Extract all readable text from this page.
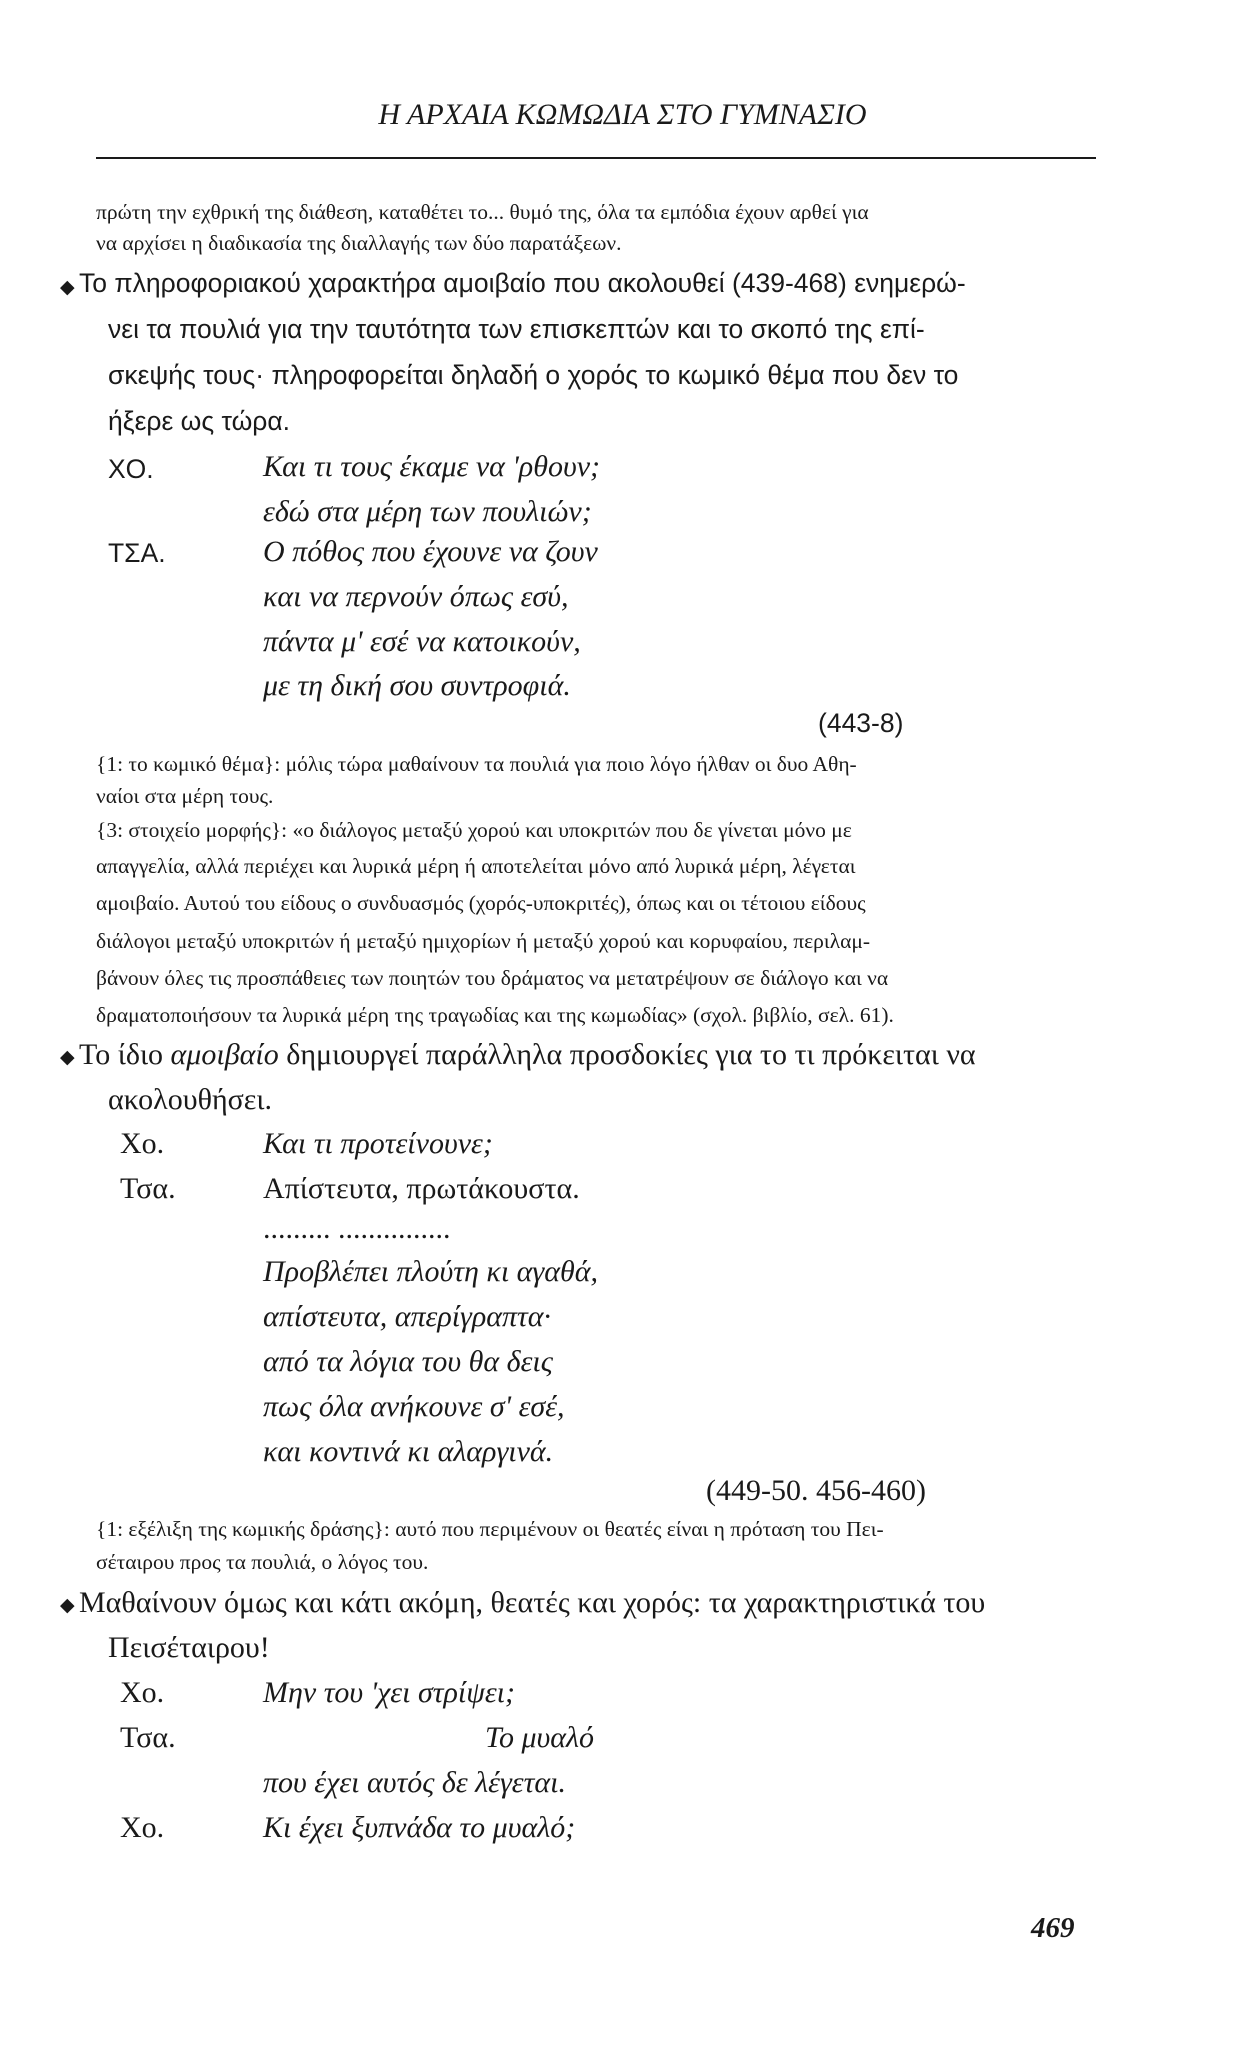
Η ΑΡΧΑΙΑ ΚΩΜΩΔΙΑ ΣΤΟ ΓΥΜΝΑΣΙΟ
πρώτη την εχθρική της διάθεση, καταθέτει το... θυμό της, όλα τα εμπόδια έχουν αρθεί για
να αρχίσει η διαδικασία της διαλλαγής των δύο παρατάξεων.
◆ Το πληροφοριακού χαρακτήρα αμοιβαίο που ακολουθεί (439-468) ενημερώ-
νει τα πουλιά για την ταυτότητα των επισκεπτών και το σκοπό της επί-
σκεψής τους· πληροφορείται δηλαδή ο χορός το κωμικό θέμα που δεν το
ήξερε ως τώρα.
ΧΟ.	Και τι τους έκαμε να 'ρθουν;
εδώ στα μέρη των πουλιών;
ΤΣΑ.	Ο πόθος που έχουνε να ζουν
και να περνούν όπως εσύ,
πάντα μ' εσέ να κατοικούν,
με τη δική σου συντροφιά.
(443-8)
{1: το κωμικό θέμα}: μόλις τώρα μαθαίνουν τα πουλιά για ποιο λόγο ήλθαν οι δυο Αθη-
ναίοι στα μέρη τους.
{3: στοιχείο μορφής}: «ο διάλογος μεταξύ χορού και υποκριτών που δε γίνεται μόνο με
απαγγελία, αλλά περιέχει και λυρικά μέρη ή αποτελείται μόνο από λυρικά μέρη, λέγεται
αμοιβαίο. Αυτού του είδους ο συνδυασμός (χορός-υποκριτές), όπως και οι τέτοιου είδους
διάλογοι μεταξύ υποκριτών ή μεταξύ ημιχορίων ή μεταξύ χορού και κορυφαίου, περιλαμ-
βάνουν όλες τις προσπάθειες των ποιητών του δράματος να μετατρέψουν σε διάλογο και να
δραματοποιήσουν τα λυρικά μέρη της τραγωδίας και της κωμωδίας» (σχολ. βιβλίο, σελ. 61).
◆ Το ίδιο αμοιβαίο δημιουργεί παράλληλα προσδοκίες για το τι πρόκειται να
ακολουθήσει.
Χο.	Και τι προτείνουνε;
Τσα.	Απίστευτα, πρωτάκουστα.
......... ...............
Προβλέπει πλούτη κι αγαθά,
απίστευτα, απερίγραπτα·
από τα λόγια του θα δεις
πως όλα ανήκουνε σ' εσέ,
και κοντινά κι αλαργινά.
(449-50. 456-460)
{1: εξέλιξη της κωμικής δράσης}: αυτό που περιμένουν οι θεατές είναι η πρόταση του Πει-
σέταιρου προς τα πουλιά, ο λόγος του.
◆ Μαθαίνουν όμως και κάτι ακόμη, θεατές και χορός: τα χαρακτηριστικά του
Πεισέταιρου!
Χο.	Μην του 'χει στρίψει;
Τσα.	Το μυαλό
που έχει αυτός δε λέγεται.
Χο.	Κι έχει ξυπνάδα το μυαλό;
469
